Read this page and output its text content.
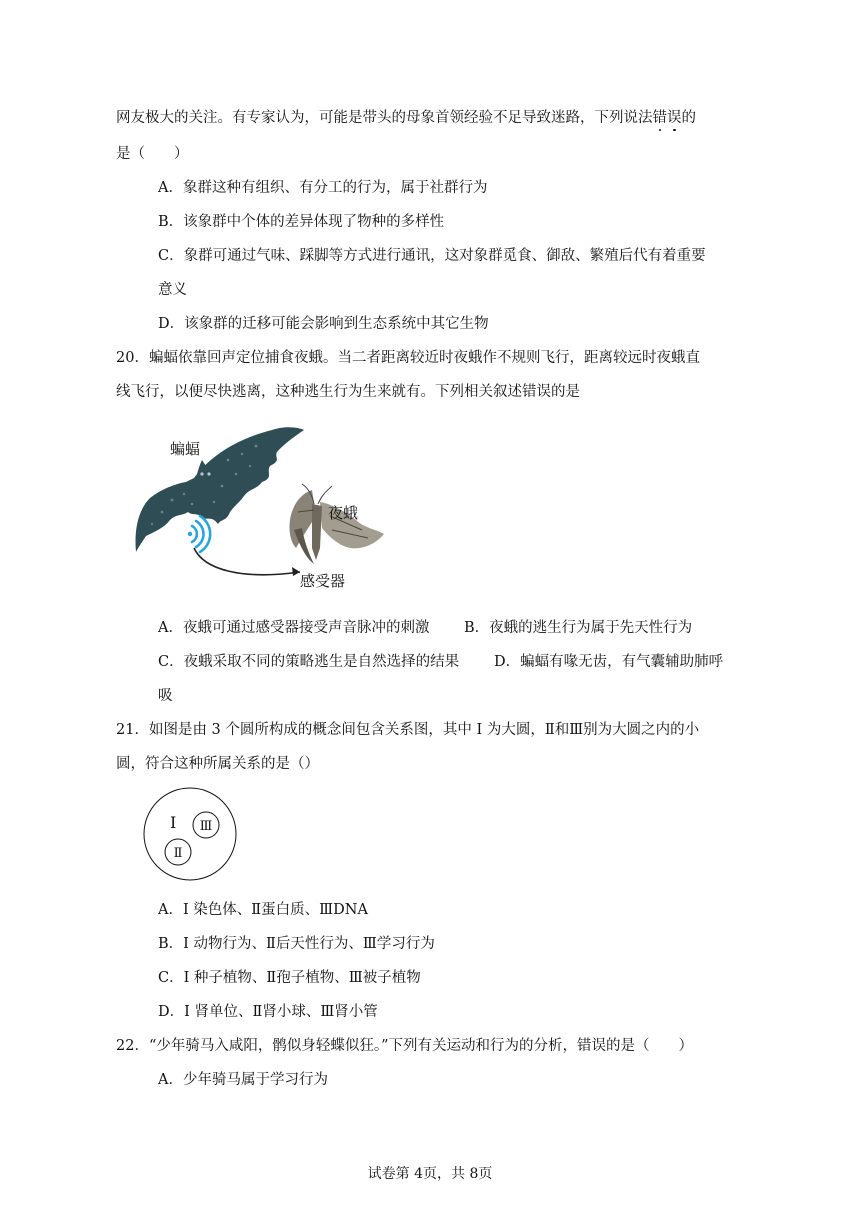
网友极大的关注。有专家认为，可能是带头的母象首领经验不足导致迷路，下列说法错误的
是（　　）
A．象群这种有组织、有分工的行为，属于社群行为
B．该象群中个体的差异体现了物种的多样性
C．象群可通过气味、踩脚等方式进行通讯，这对象群觅食、御敌、繁殖后代有着重要
意义
D．该象群的迁移可能会影响到生态系统中其它生物
20．蝙蝠依靠回声定位捕食夜蛾。当二者距离较近时夜蛾作不规则飞行，距离较远时夜蛾直
线飞行，以便尽快逃离，这种逃生行为生来就有。下列相关叙述错误的是
蝙蝠
夜蛾
感受器
A．夜蛾可通过感受器接受声音脉冲的刺激 B．夜蛾的逃生行为属于先天性行为
C．夜蛾采取不同的策略逃生是自然选择的结果 D．蝙蝠有喙无齿，有气囊辅助肺呼
吸
21．如图是由 3 个圆所构成的概念间包含关系图，其中 I 为大圆，Ⅱ和Ⅲ别为大圆之内的小
圆，符合这种所属关系的是（）
I Ⅲ
Ⅱ
A．I 染色体、Ⅱ蛋白质、ⅢDNA
B．I 动物行为、Ⅱ后天性行为、Ⅲ学习行为
C．I 种子植物、Ⅱ孢子植物、Ⅲ被子植物
D．I 肾单位、Ⅱ肾小球、Ⅲ肾小管
22．“少年骑马入咸阳，鹘似身轻蝶似狂。”下列有关运动和行为的分析，错误的是（　　）
A．少年骑马属于学习行为
试卷第 4页，共 8页
